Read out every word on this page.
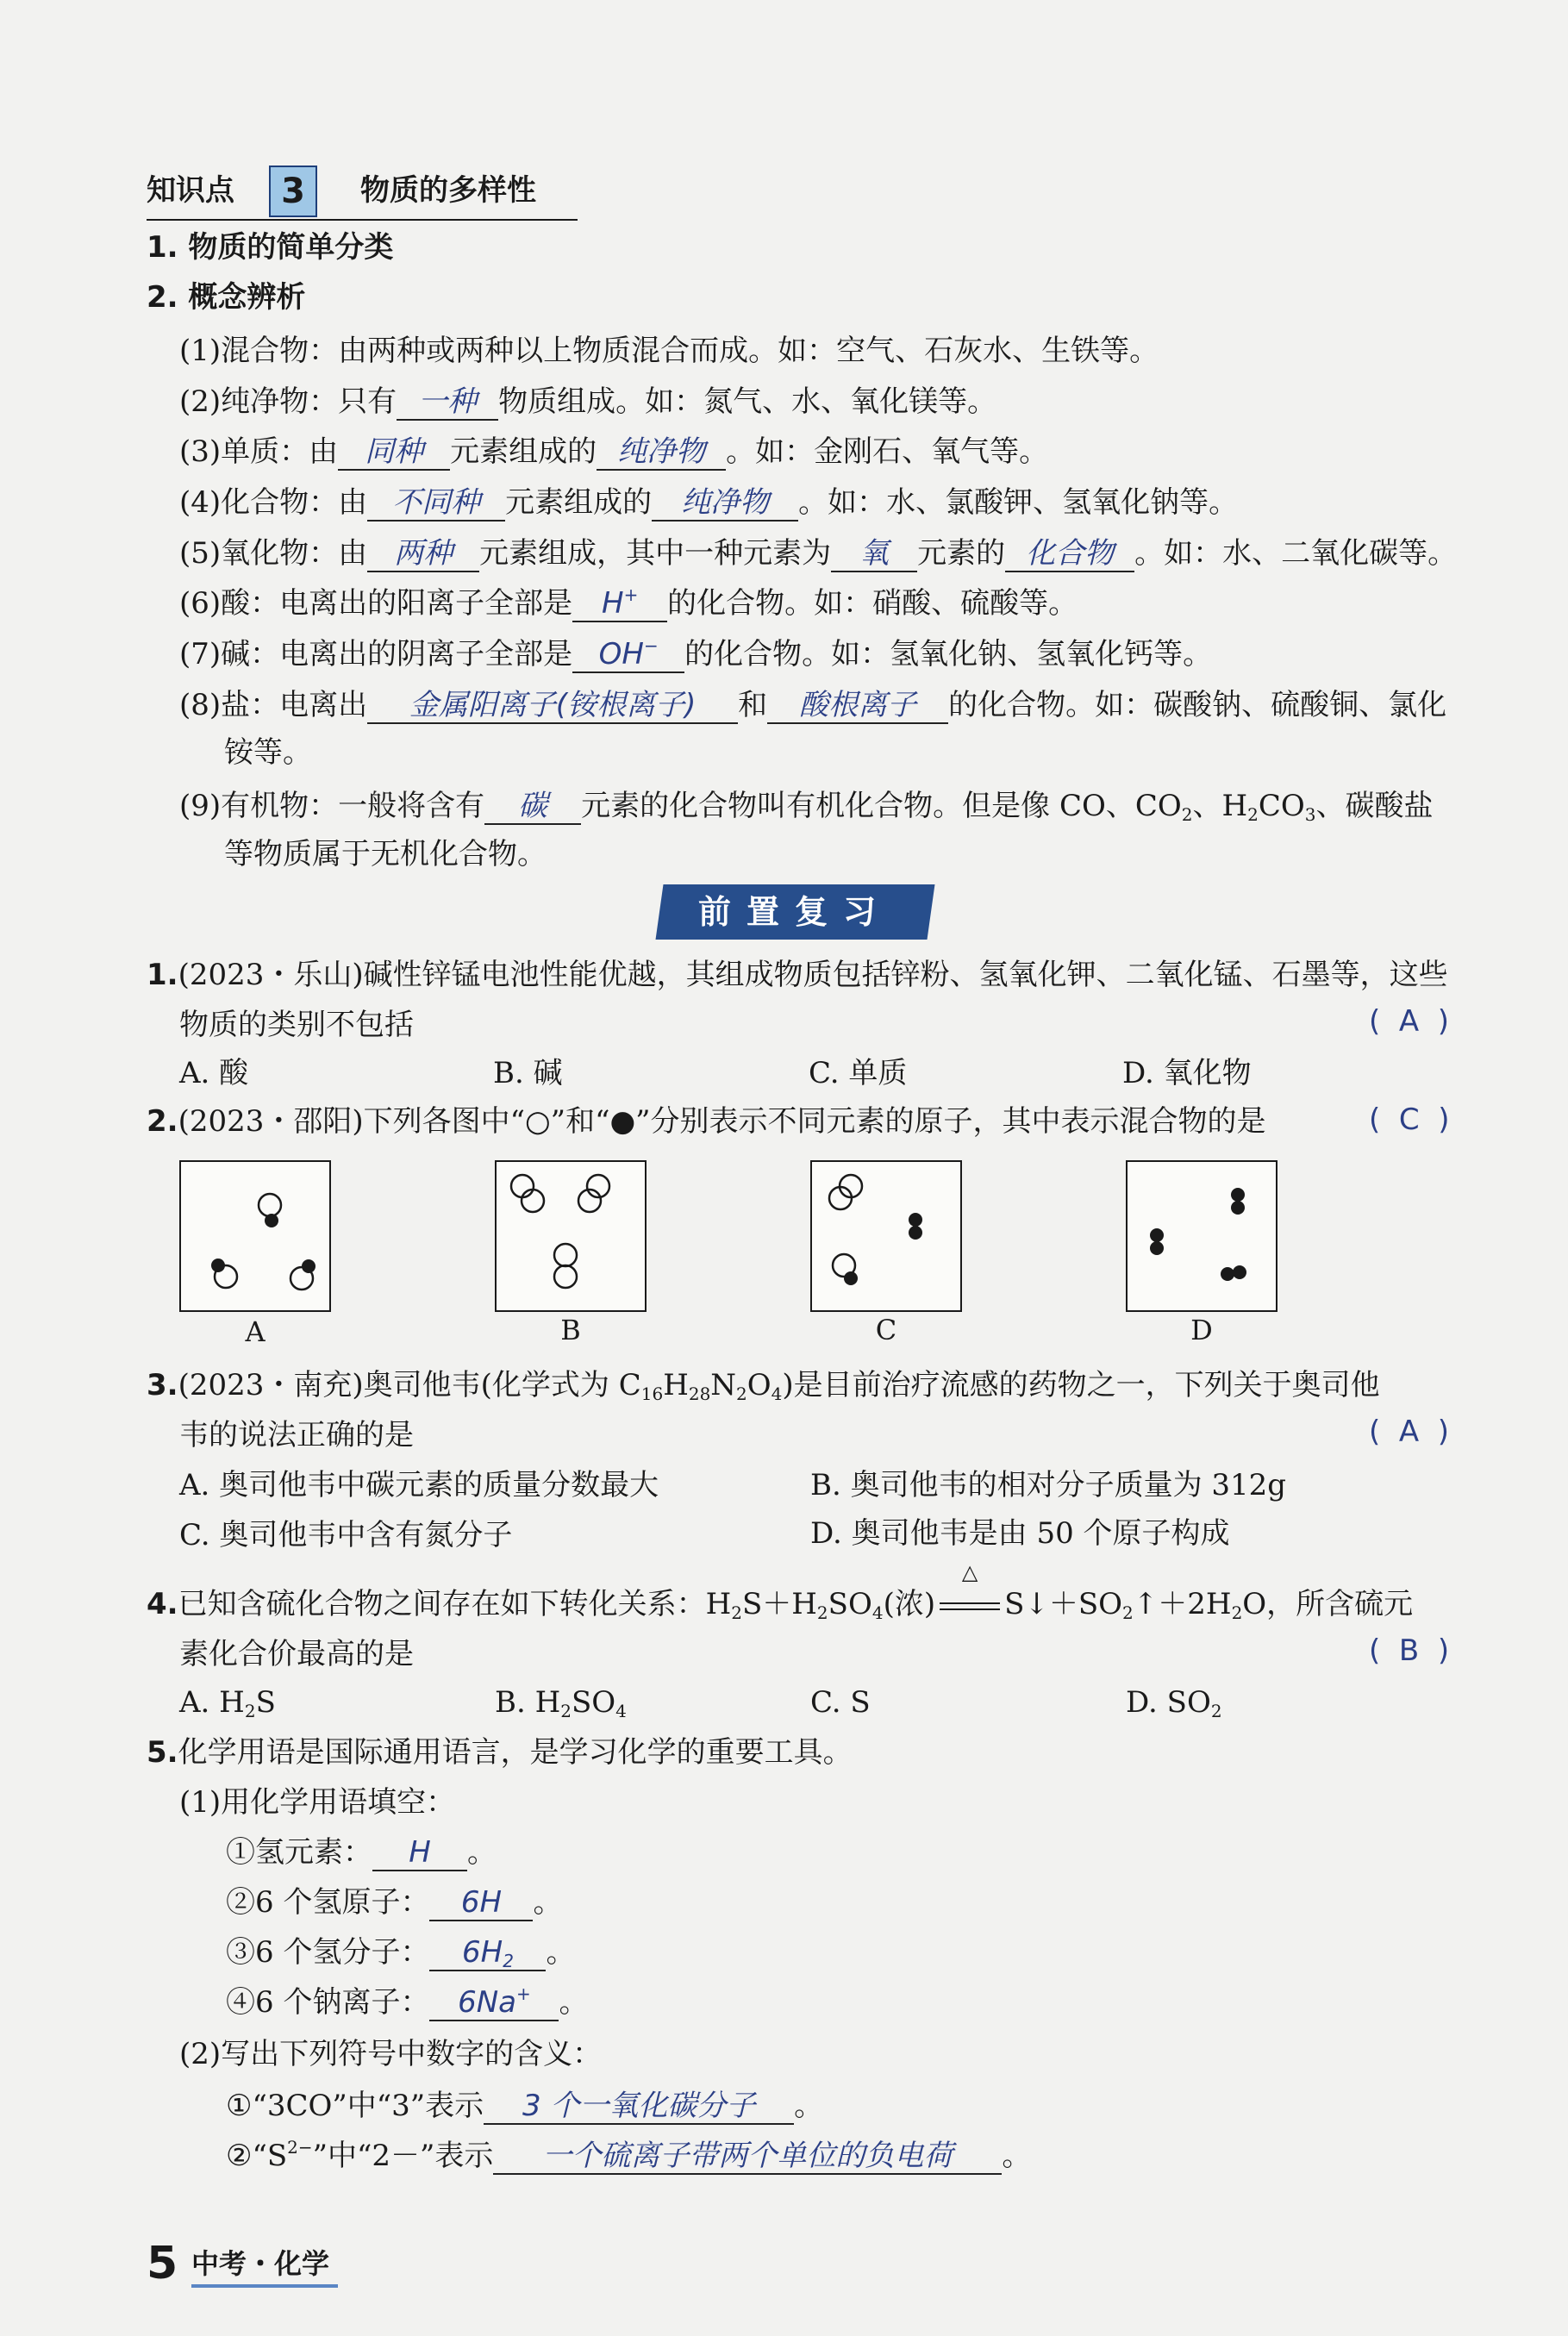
知识点	3	物质的多样性
1. 物质的简单分类
2. 概念辨析
(1)混合物：由两种或两种以上物质混合而成。如：空气、石灰水、生铁等。
(2)纯净物：只有 一种 物质组成。如：氮气、水、氧化镁等。
(3)单质：由 同种 元素组成的 纯净物 。如：金刚石、氧气等。
(4)化合物：由 不同种 元素组成的 纯净物 。如：水、氯酸钾、氢氧化钠等。
(5)氧化物：由 两种 元素组成，其中一种元素为 氧 元素的 化合物 。如：水、二氧化碳等。
(6)酸：电离出的阳离子全部是 H+ 的化合物。如：硝酸、硫酸等。
(7)碱：电离出的阴离子全部是 OH− 的化合物。如：氢氧化钠、氢氧化钙等。
(8)盐：电离出 金属阳离子(铵根离子) 和 酸根离子 的化合物。如：碳酸钠、硫酸铜、氯化
铵等。
(9)有机物：一般将含有 碳 元素的化合物叫有机化合物。但是像 CO、$CO_2$、$H_2CO_3$、碳酸盐
等物质属于无机化合物。
前置复习
1.(2023・乐山)碱性锌锰电池性能优越，其组成物质包括锌粉、氢氧化钾、二氧化锰、石墨等，这些
物质的类别不包括	(  A  )
A. 酸	B. 碱	C. 单质	D. 氧化物
2.(2023・邵阳)下列各图中“○”和“●”分别表示不同元素的原子，其中表示混合物的是	(  C  )
A	B	C	D
3.(2023・南充)奥司他韦(化学式为 $C_{16}H_{28}N_2O_4$)是目前治疗流感的药物之一，下列关于奥司他
韦的说法正确的是	(  A  )
A. 奥司他韦中碳元素的质量分数最大	B. 奥司他韦的相对分子质量为 312g
C. 奥司他韦中含有氮分子	D. 奥司他韦是由 50 个原子构成
4.已知含硫化合物之间存在如下转化关系：$H_2S+H_2SO_4$(浓)
△
$S↓+SO_2↑+2H_2O$，所含硫元
素化合价最高的是	(  B  )
A. $H_2S$	B. $H_2SO_4$	C. S	D. $SO_2$
5.化学用语是国际通用语言，是学习化学的重要工具。
(1)用化学用语填空：
①氢元素： H 。
②6 个氢原子： 6H 。
③6 个氢分子： $6H_2$ 。
④6 个钠离子： 6Na+ 。
(2)写出下列符号中数字的含义：
①“3CO”中“3”表示 3 个一氧化碳分子 。
$②“S^{2-}$”中“2－”表示 一个硫离子带两个单位的负电荷 。
5 中考・化学
